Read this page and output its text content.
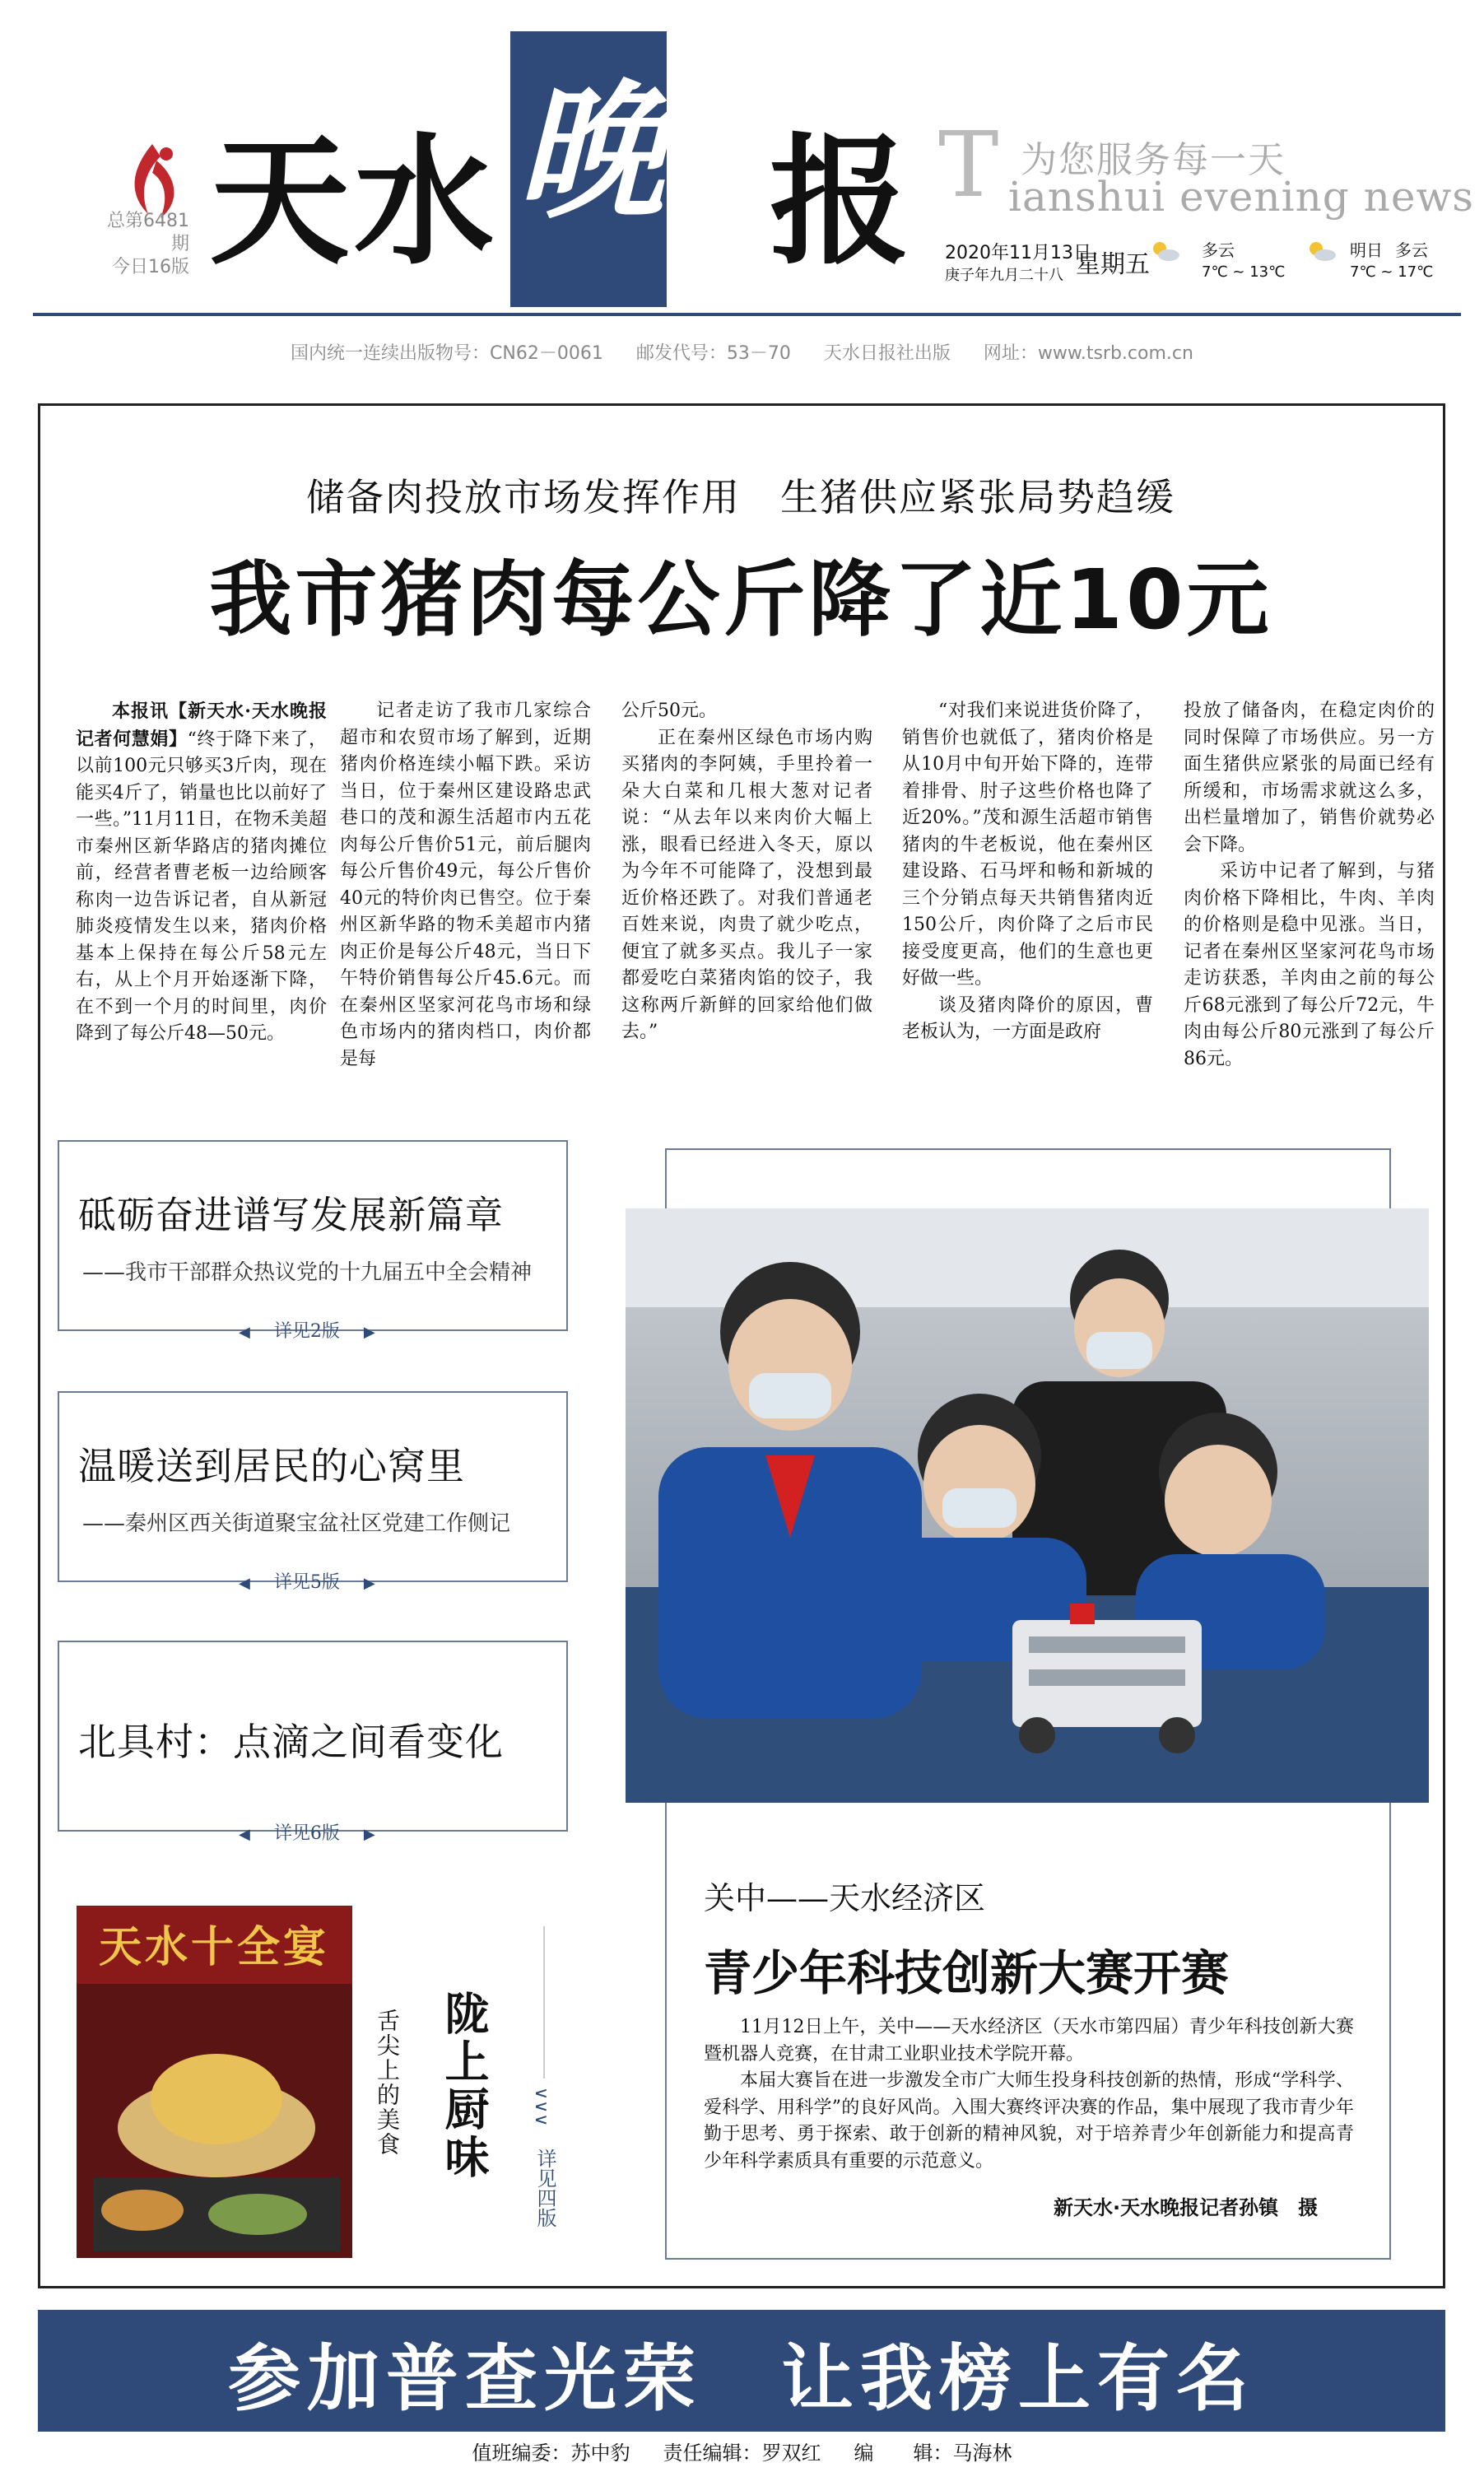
总第6481期
今日16版 天 水 晚 报 T 为您服务每一天
ianshui evening news
2020年11月13日
庚子年九月二十八 星期五	多云
7℃ ~ 13℃
明日 多云
7℃ ~ 17℃
国内统一连续出版物号：CN62－0061 邮发代号：53－70 天水日报社出版 网址：www.tsrb.com.cn
储备肉投放市场发挥作用　生猪供应紧张局势趋缓
我市猪肉每公斤降了近10元

本报讯【新天水·天水晚报记者何慧娟】“终于降下来了，以前100元只够买3斤肉，现在能买4斤了，销量也比以前好了一些。”11月11日，在物禾美超市秦州区新华路店的猪肉摊位前，经营者曹老板一边给顾客称肉一边告诉记者，自从新冠肺炎疫情发生以来，猪肉价格基本上保持在每公斤58元左右，从上个月开始逐渐下降，在不到一个月的时间里，肉价降到了每公斤48—50元。

记者走访了我市几家综合超市和农贸市场了解到，近期猪肉价格连续小幅下跌。采访当日，位于秦州区建设路忠武巷口的茂和源生活超市内五花肉每公斤售价51元，前后腿肉每公斤售价49元，每公斤售价40元的特价肉已售空。位于秦州区新华路的物禾美超市内猪肉正价是每公斤48元，当日下午特价销售每公斤45.6元。而在秦州区坚家河花鸟市场和绿色市场内的猪肉档口，肉价都是每

公斤50元。

正在秦州区绿色市场内购买猪肉的李阿姨，手里拎着一朵大白菜和几根大葱对记者说：“从去年以来肉价大幅上涨，眼看已经进入冬天，原以为今年不可能降了，没想到最近价格还跌了。对我们普通老百姓来说，肉贵了就少吃点，便宜了就多买点。我儿子一家都爱吃白菜猪肉馅的饺子，我这称两斤新鲜的回家给他们做去。”

“对我们来说进货价降了，销售价也就低了，猪肉价格是从10月中旬开始下降的，连带着排骨、肘子这些价格也降了近20%。”茂和源生活超市销售猪肉的牛老板说，他在秦州区建设路、石马坪和畅和新城的三个分销点每天共销售猪肉近150公斤，肉价降了之后市民接受度更高，他们的生意也更好做一些。

谈及猪肉降价的原因，曹老板认为，一方面是政府

投放了储备肉，在稳定肉价的同时保障了市场供应。另一方面生猪供应紧张的局面已经有所缓和，市场需求就这么多，出栏量增加了，销售价就势必会下降。

采访中记者了解到，与猪肉价格下降相比，牛肉、羊肉的价格则是稳中见涨。当日，记者在秦州区坚家河花鸟市场走访获悉，羊肉由之前的每公斤68元涨到了每公斤72元，牛肉由每公斤80元涨到了每公斤86元。

砥砺奋进谱写发展新篇章
——我市干部群众热议党的十九届五中全会精神
◀ 详见2版 ▶
温暖送到居民的心窝里
——秦州区西关街道聚宝盆社区党建工作侧记
◀ 详见5版 ▶
北具村：点滴之间看变化
◀ 详见6版 ▶
关中——天水经济区
青少年科技创新大赛开赛

11月12日上午，关中——天水经济区（天水市第四届）青少年科技创新大赛暨机器人竞赛，在甘肃工业职业技术学院开幕。

本届大赛旨在进一步激发全市广大师生投身科技创新的热情，形成“学科学、爱科学、用科学”的良好风尚。入围大赛终评决赛的作品，集中展现了我市青少年勤于思考、勇于探索、敢于创新的精神风貌，对于培养青少年创新能力和提高青少年科学素质具有重要的示范意义。

新天水·天水晚报记者孙镇　摄
天水十全宴
舌尖上的美食 陇上厨味	∨∨∨
详见四版
参加普查光荣　让我榜上有名
值班编委：苏中豹 责任编辑：罗双红 编　　辑：马海林
